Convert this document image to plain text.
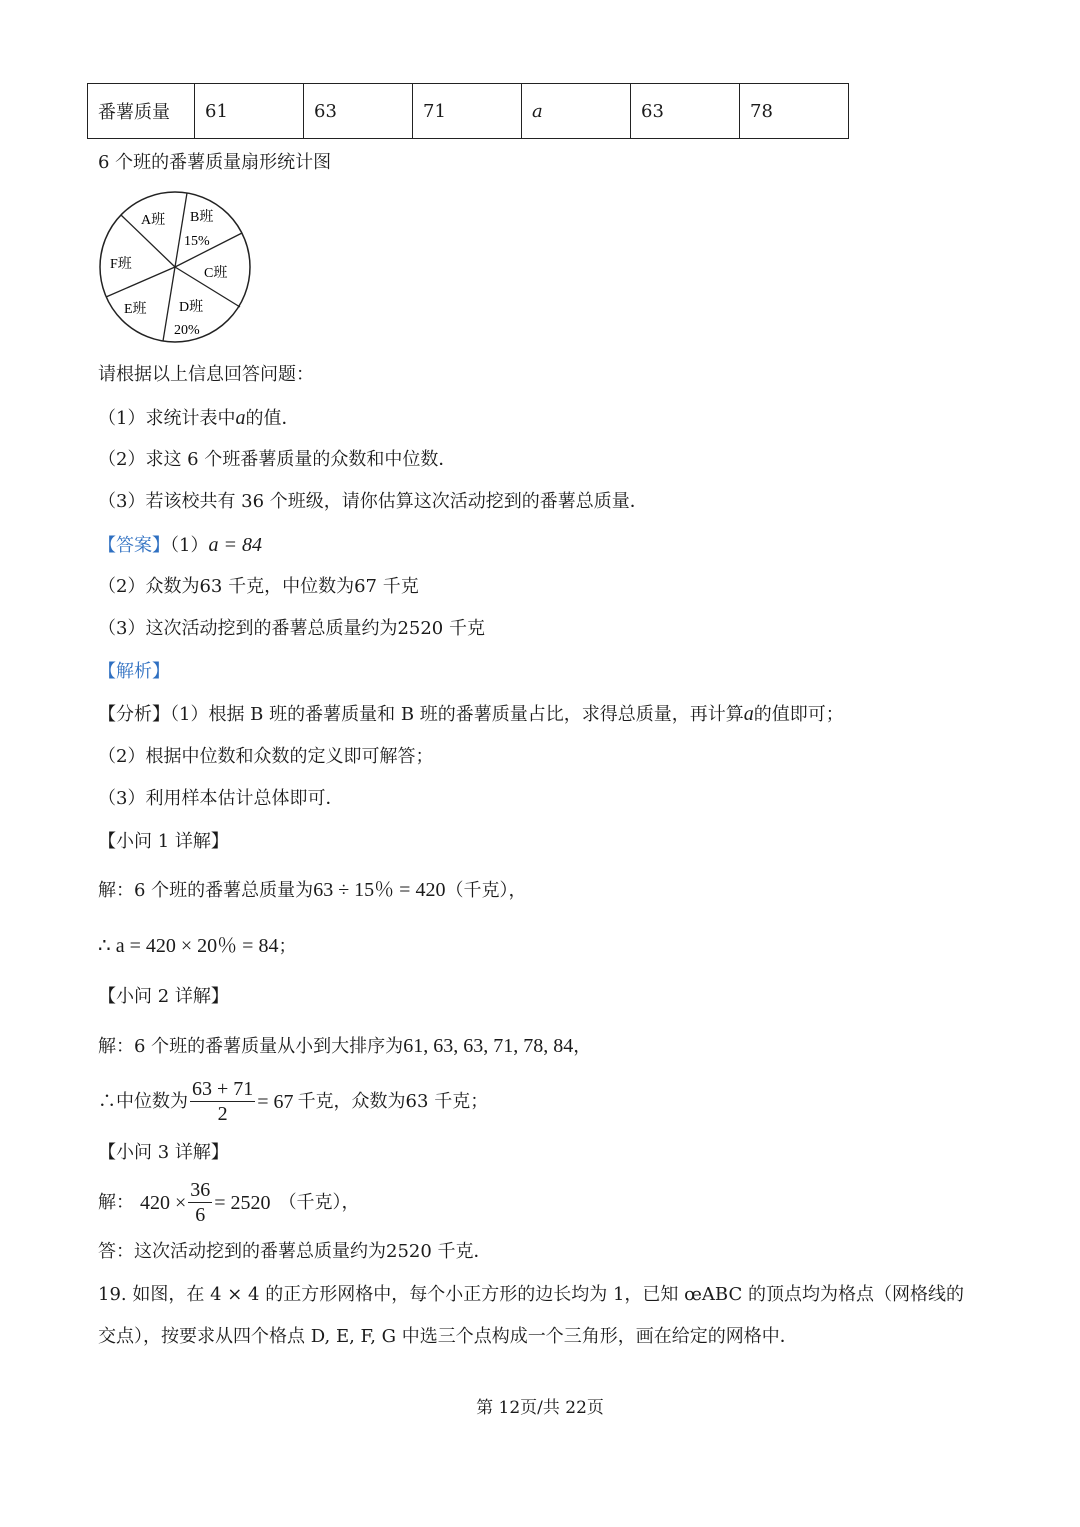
番薯质量	61	63	71	a	63	78
6 个班的番薯质量扇形统计图
A班 B班
15%
C班
D班
20%
E班
F班
请根据以上信息回答问题：
（1）求统计表中a的值．
（2）求这 6 个班番薯质量的众数和中位数．
（3）若该校共有 36 个班级，请你估算这次活动挖到的番薯总质量．
【答案】（1）a = 84
（2）众数为63 千克，中位数为67 千克
（3）这次活动挖到的番薯总质量约为2520 千克
【解析】
【分析】（1）根据 B 班的番薯质量和 B 班的番薯质量占比，求得总质量，再计算a的值即可；
（2）根据中位数和众数的定义即可解答；
（3）利用样本估计总体即可．
【小问 1 详解】
解：6 个班的番薯总质量为63 ÷ 15％ = 420（千克），
∴ a = 420 × 20％ = 84；
【小问 2 详解】
解：6 个班的番薯质量从小到大排序为61, 63, 63, 71, 78, 84，
∴中位数为 $\frac{63 + 71}{2} = 67$ 千克，众数为63 千克；
【小问 3 详解】
解： $420 \times \frac{36}{6} = 2520$ （千克），
答：这次活动挖到的番薯总质量约为2520 千克．
19. 如图，在 4 × 4 的正方形网格中，每个小正方形的边长均为 1，已知 œABC 的顶点均为格点（网格线的
交点），按要求从四个格点 D, E, F, G 中选三个点构成一个三角形，画在给定的网格中．
第 12页/共 22页
